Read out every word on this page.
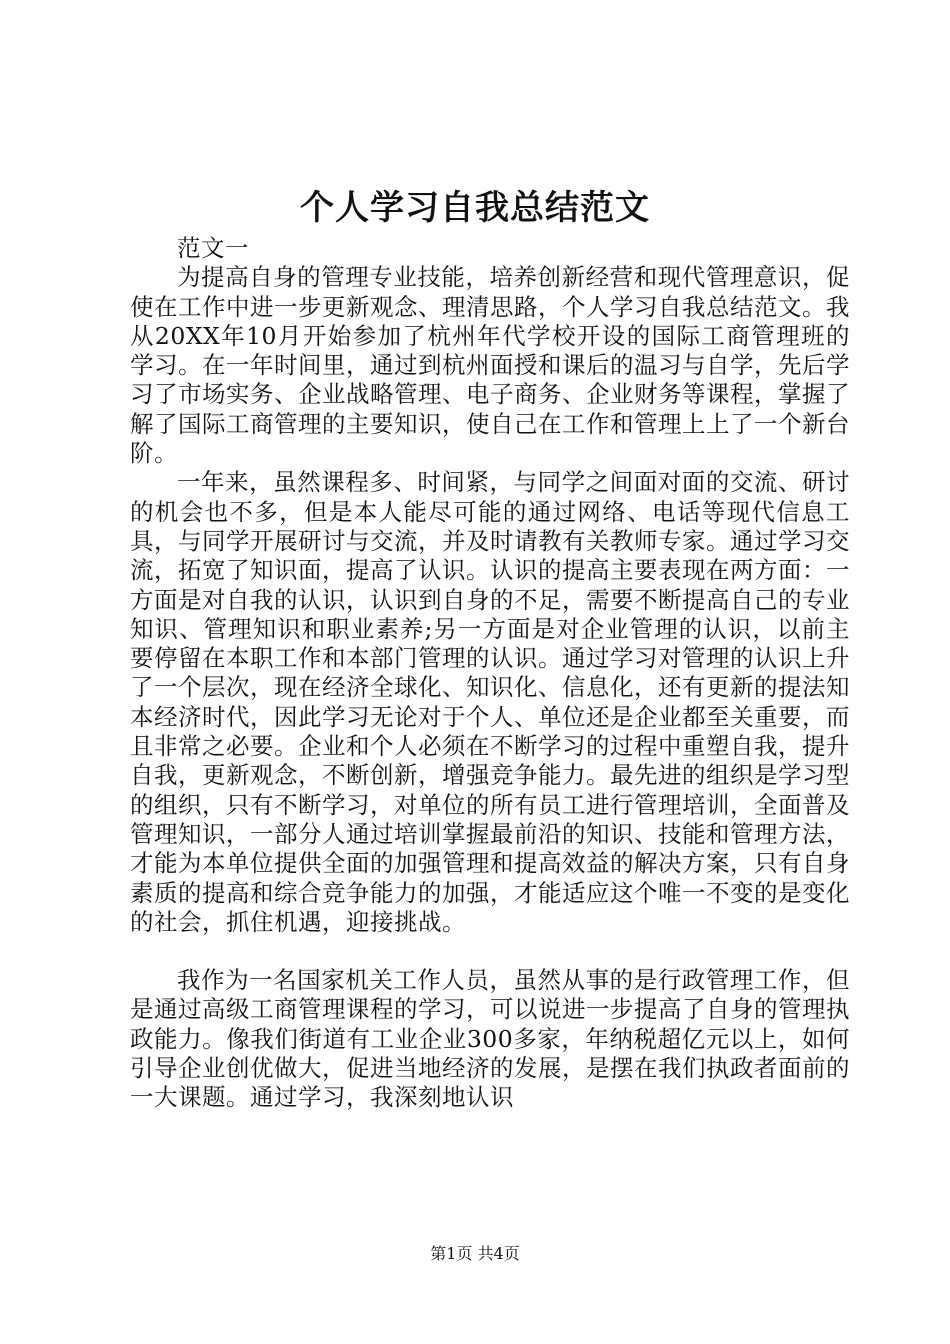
个人学习自我总结范文

范文一

为提高自身的管理专业技能，培养创新经营和现代管理意识，促使在工作中进一步更新观念、理清思路，个人学习自我总结范文。我从20XX年10月开始参加了杭州年代学校开设的国际工商管理班的学习。在一年时间里，通过到杭州面授和课后的温习与自学，先后学习了市场实务、企业战略管理、电子商务、企业财务等课程，掌握了解了国际工商管理的主要知识，使自己在工作和管理上上了一个新台阶。

一年来，虽然课程多、时间紧，与同学之间面对面的交流、研讨的机会也不多，但是本人能尽可能的通过网络、电话等现代信息工具，与同学开展研讨与交流，并及时请教有关教师专家。通过学习交流，拓宽了知识面，提高了认识。认识的提高主要表现在两方面：一方面是对自我的认识，认识到自身的不足，需要不断提高自己的专业知识、管理知识和职业素养;另一方面是对企业管理的认识，以前主要停留在本职工作和本部门管理的认识。通过学习对管理的认识上升了一个层次，现在经济全球化、知识化、信息化，还有更新的提法知本经济时代，因此学习无论对于个人、单位还是企业都至关重要，而且非常之必要。企业和个人必须在不断学习的过程中重塑自我，提升自我，更新观念，不断创新，增强竞争能力。最先进的组织是学习型的组织，只有不断学习，对单位的所有员工进行管理培训，全面普及管理知识，一部分人通过培训掌握最前沿的知识、技能和管理方法，才能为本单位提供全面的加强管理和提高效益的解决方案，只有自身素质的提高和综合竞争能力的加强，才能适应这个唯一不变的是变化的社会，抓住机遇，迎接挑战。

我作为一名国家机关工作人员，虽然从事的是行政管理工作，但是通过高级工商管理课程的学习，可以说进一步提高了自身的管理执政能力。像我们街道有工业企业300多家，年纳税超亿元以上，如何引导企业创优做大，促进当地经济的发展，是摆在我们执政者面前的一大课题。通过学习，我深刻地认识

第1页 共4页
